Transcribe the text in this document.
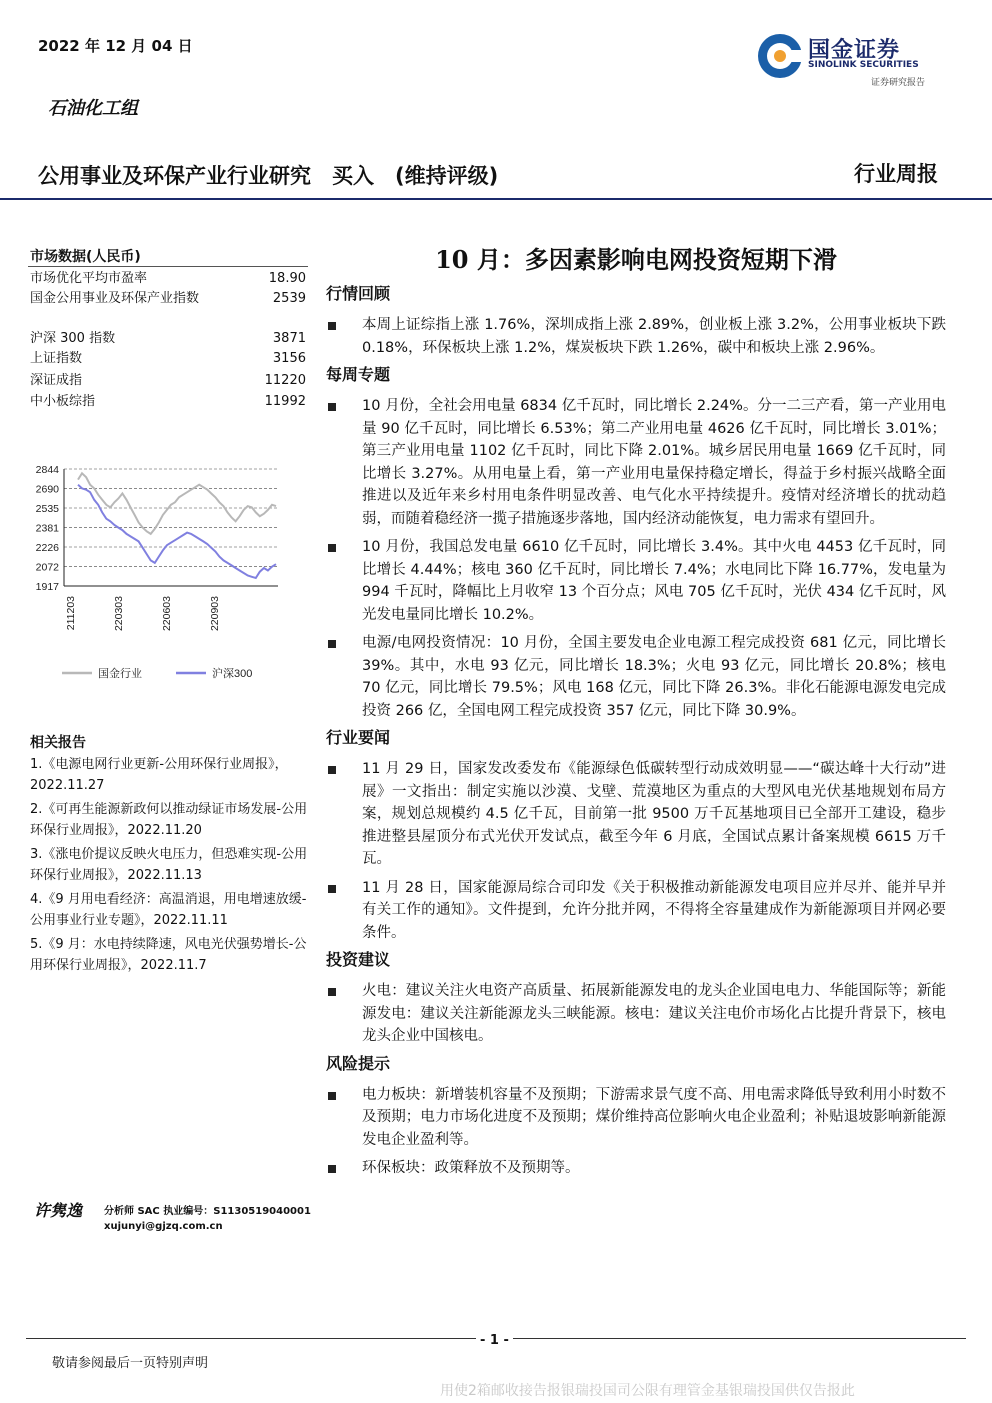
2022 年 12 月 04 日	国金证券
SINOLINK SECURITIES
证券研究报告
石油化工组
公用事业及环保产业行业研究　买入　(维持评级)	行业周报
市场数据(人民币)
市场优化平均市盈率	18.90
国金公用事业及环保产业指数	2539
沪深 300 指数	3871
上证指数	3156
深证成指	11220
中小板综指	11992
2844
2690
2535
2381
2226
2072
1917
211203	220303	220603	220903
国金行业	沪深300
相关报告
1.《电源电网行业更新-公用环保行业周报》，2022.11.27
2.《可再生能源新政何以推动绿证市场发展-公用环保行业周报》，2022.11.20
3.《涨电价提议反映火电压力，但恐难实现-公用环保行业周报》，2022.11.13
4.《9 月用电看经济：高温消退，用电增速放缓-公用事业行业专题》，2022.11.11
5.《9 月：水电持续降速，风电光伏强势增长-公用环保行业周报》，2022.11.7
许隽逸 分析师 SAC 执业编号：S1130519040001
xujunyi@gjzq.com.cn
10 月：多因素影响电网投资短期下滑
行情回顾
本周上证综指上涨 1.76%，深圳成指上涨 2.89%，创业板上涨 3.2%，公用事业板块下跌 0.18%，环保板块上涨 1.2%，煤炭板块下跌 1.26%，碳中和板块上涨 2.96%。
每周专题
10 月份，全社会用电量 6834 亿千瓦时，同比增长 2.24%。分一二三产看，第一产业用电量 90 亿千瓦时，同比增长 6.53%；第二产业用电量 4626 亿千瓦时，同比增长 3.01%；第三产业用电量 1102 亿千瓦时，同比下降 2.01%。城乡居民用电量 1669 亿千瓦时，同比增长 3.27%。从用电量上看，第一产业用电量保持稳定增长，得益于乡村振兴战略全面推进以及近年来乡村用电条件明显改善、电气化水平持续提升。疫情对经济增长的扰动趋弱，而随着稳经济一揽子措施逐步落地，国内经济动能恢复，电力需求有望回升。
10 月份，我国总发电量 6610 亿千瓦时，同比增长 3.4%。其中火电 4453 亿千瓦时，同比增长 4.44%；核电 360 亿千瓦时，同比增长 7.4%；水电同比下降 16.77%，发电量为 994 千瓦时，降幅比上月收窄 13 个百分点；风电 705 亿千瓦时，光伏 434 亿千瓦时，风光发电量同比增长 10.2%。
电源/电网投资情况：10 月份，全国主要发电企业电源工程完成投资 681 亿元，同比增长 39%。其中，水电 93 亿元，同比增长 18.3%；火电 93 亿元，同比增长 20.8%；核电 70 亿元，同比增长 79.5%；风电 168 亿元，同比下降 26.3%。非化石能源电源发电完成投资 266 亿，全国电网工程完成投资 357 亿元，同比下降 30.9%。
行业要闻
11 月 29 日，国家发改委发布《能源绿色低碳转型行动成效明显——“碳达峰十大行动”进展》一文指出：制定实施以沙漠、戈壁、荒漠地区为重点的大型风电光伏基地规划布局方案，规划总规模约 4.5 亿千瓦，目前第一批 9500 万千瓦基地项目已全部开工建设，稳步推进整县屋顶分布式光伏开发试点，截至今年 6 月底，全国试点累计备案规模 6615 万千瓦。
11 月 28 日，国家能源局综合司印发《关于积极推动新能源发电项目应并尽并、能并早并有关工作的通知》。文件提到，允许分批并网，不得将全容量建成作为新能源项目并网必要条件。
投资建议
火电：建议关注火电资产高质量、拓展新能源发电的龙头企业国电电力、华能国际等；新能源发电：建议关注新能源龙头三峡能源。核电：建议关注电价市场化占比提升背景下，核电龙头企业中国核电。
风险提示
电力板块：新增装机容量不及预期；下游需求景气度不高、用电需求降低导致利用小时数不及预期；电力市场化进度不及预期；煤价维持高位影响火电企业盈利；补贴退坡影响新能源发电企业盈利等。
环保板块：政策释放不及预期等。
- 1 -
敬请参阅最后一页特别声明
用使2箱邮收接告报银瑞投国司公限有理管金基银瑞投国供仅告报此
